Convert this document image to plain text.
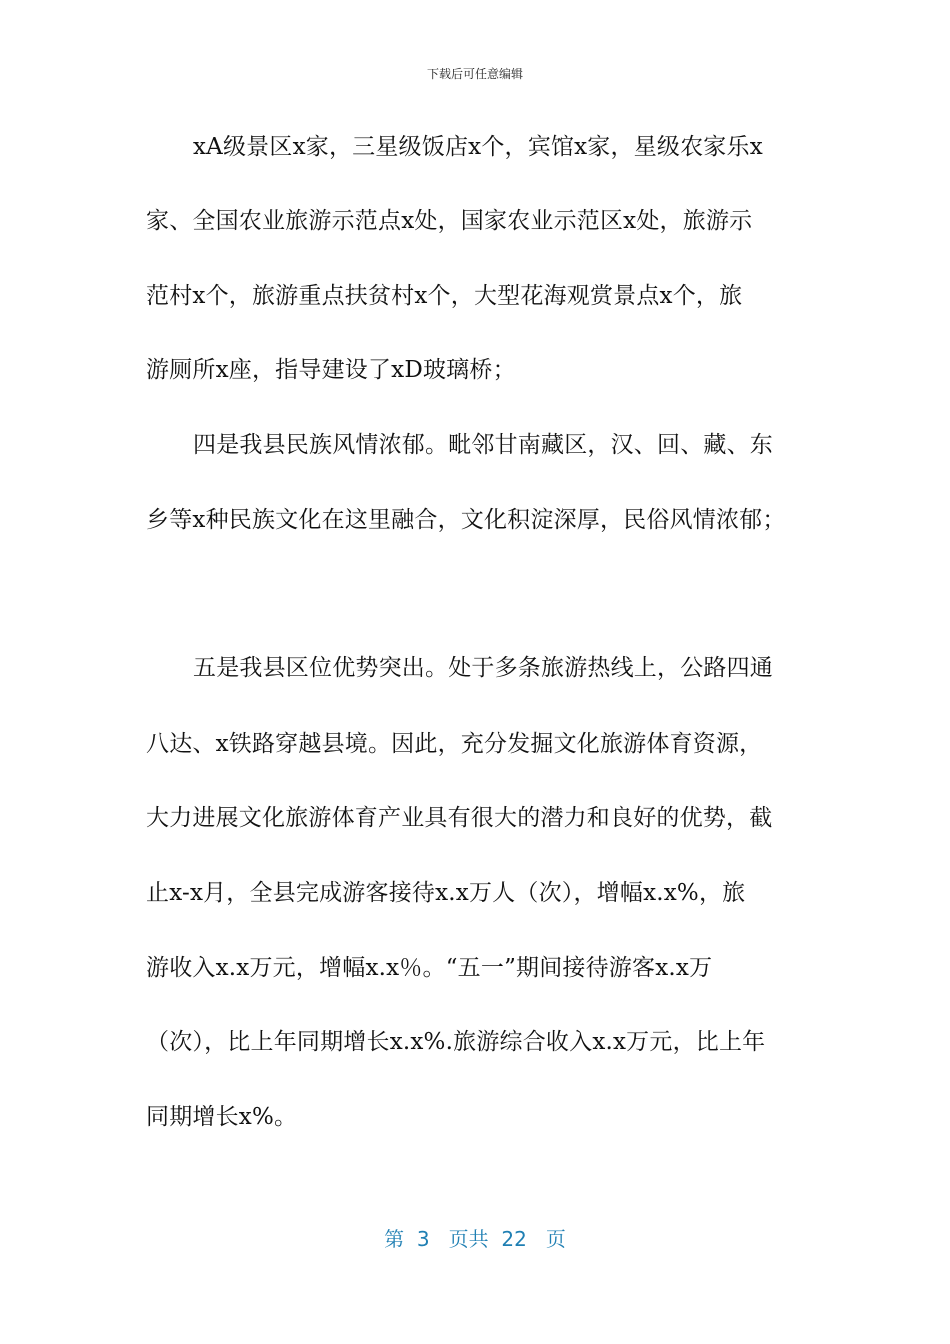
下载后可任意编辑
xA级景区x家，三星级饭店x个，宾馆x家，星级农家乐x
家、全国农业旅游示范点x处，国家农业示范区x处，旅游示
范村x个，旅游重点扶贫村x个，大型花海观赏景点x个，旅
游厕所x座，指导建设了xD玻璃桥；
四是我县民族风情浓郁。毗邻甘南藏区，汉、回、藏、东
乡等x种民族文化在这里融合，文化积淀深厚，民俗风情浓郁；
五是我县区位优势突出。处于多条旅游热线上，公路四通
八达、x铁路穿越县境。因此，充分发掘文化旅游体育资源，
大力进展文化旅游体育产业具有很大的潜力和良好的优势，截
止x-x月，全县完成游客接待x.x万人（次），增幅x.x%，旅
游收入x.x万元，增幅x.x％。“五一”期间接待游客x.x万
（次），比上年同期增长x.x%.旅游综合收入x.x万元，比上年
同期增长x%。
第  3   页共  22   页
